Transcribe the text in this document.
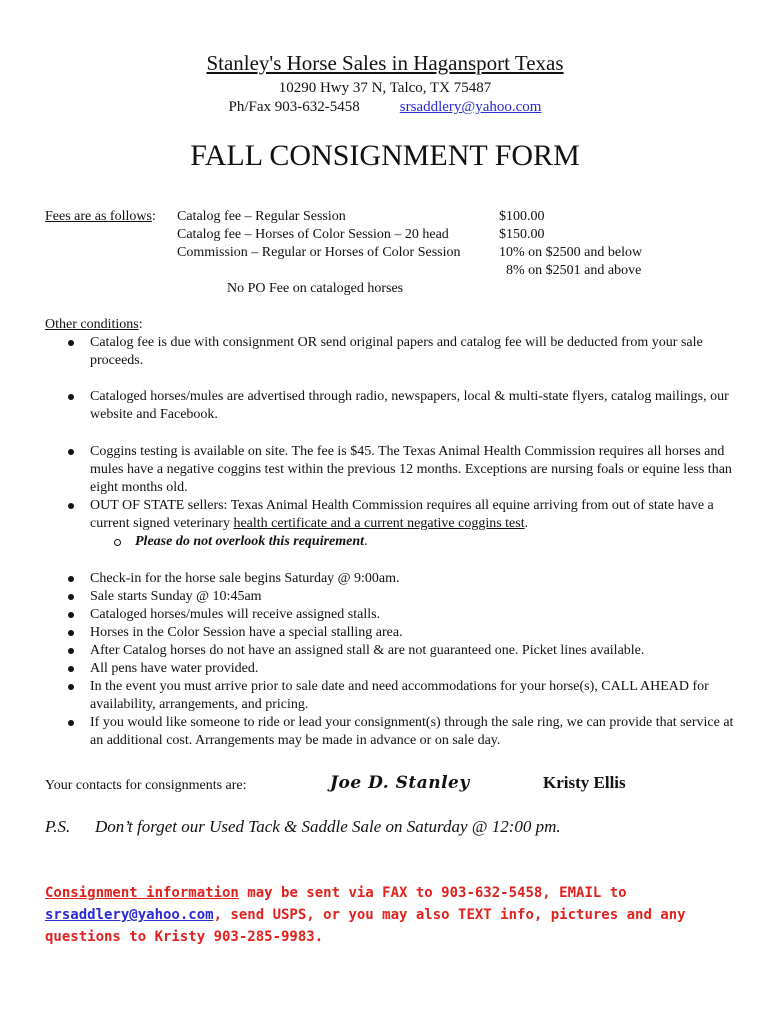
Stanley's Horse Sales in Hagansport Texas
10290 Hwy 37 N, Talco, TX 75487
Ph/Fax 903-632-5458	srsaddlery@yahoo.com
FALL CONSIGNMENT FORM
Fees are as follows: Catalog fee – Regular Session	$100.00
Catalog fee – Horses of Color Session – 20 head	$150.00
Commission – Regular or Horses of Color Session	10% on $2500 and below
8% on $2501 and above
No PO Fee on cataloged horses
Other conditions:

Catalog fee is due with consignment OR send original papers and catalog fee will be deducted from your sale proceeds.

Cataloged horses/mules are advertised through radio, newspapers, local & multi-state flyers, catalog mailings, our website and Facebook.

Coggins testing is available on site. The fee is $45. The Texas Animal Health Commission requires all horses and mules have a negative coggins test within the previous 12 months. Exceptions are nursing foals or equine less than eight months old.

OUT OF STATE sellers: Texas Animal Health Commission requires all equine arriving from out of state have a current signed veterinary health certificate and a current negative coggins test.

Please do not overlook this requirement.

Check-in for the horse sale begins Saturday @ 9:00am.

Sale starts Sunday @ 10:45am

Cataloged horses/mules will receive assigned stalls.

Horses in the Color Session have a special stalling area.

After Catalog horses do not have an assigned stall & are not guaranteed one. Picket lines available.

All pens have water provided.

In the event you must arrive prior to sale date and need accommodations for your horse(s), CALL AHEAD for availability, arrangements, and pricing.

If you would like someone to ride or lead your consignment(s) through the sale ring, we can provide that service at an additional cost. Arrangements may be made in advance or on sale day.

Your contacts for consignments are:	Joe D. Stanley	Kristy Ellis
P.S. Don’t forget our Used Tack & Saddle Sale on Saturday @ 12:00 pm.
Consignment information may be sent via FAX to 903-632-5458, EMAIL to srsaddlery@yahoo.com, send USPS, or you may also TEXT info, pictures and any questions to Kristy 903-285-9983.
